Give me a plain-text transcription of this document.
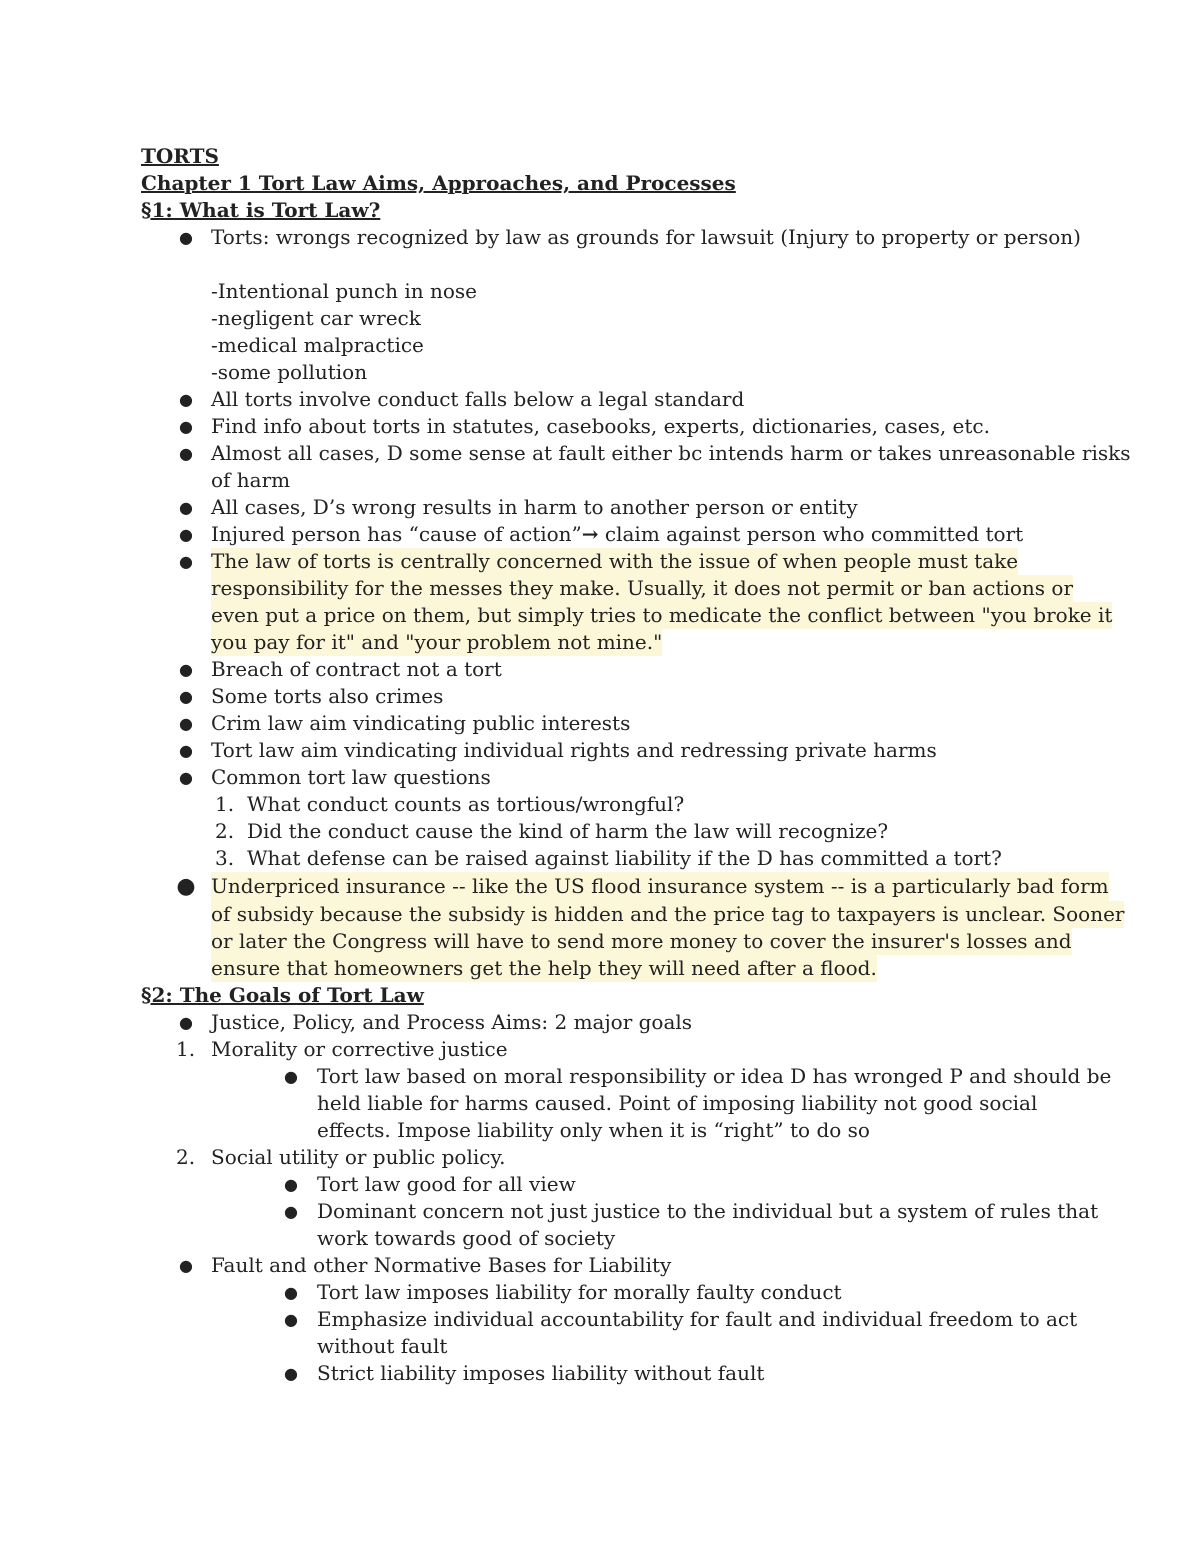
TORTS
Chapter 1 Tort Law Aims, Approaches, and Processes
§1: What is Tort Law?
● Torts: wrongs recognized by law as grounds for lawsuit (Injury to property or person)
-Intentional punch in nose
-negligent car wreck
-medical malpractice
-some pollution
● All torts involve conduct falls below a legal standard
● Find info about torts in statutes, casebooks, experts, dictionaries, cases, etc.
● Almost all cases, D some sense at fault either bc intends harm or takes unreasonable risks
of harm
● All cases, D’s wrong results in harm to another person or entity
● Injured person has “cause of action”→ claim against person who committed tort
● The law of torts is centrally concerned with the issue of when people must take
responsibility for the messes they make. Usually, it does not permit or ban actions or
even put a price on them, but simply tries to medicate the conflict between "you broke it
you pay for it" and "your problem not mine."
● Breach of contract not a tort
● Some torts also crimes
● Crim law aim vindicating public interests
● Tort law aim vindicating individual rights and redressing private harms
● Common tort law questions
1. What conduct counts as tortious/wrongful?
2. Did the conduct cause the kind of harm the law will recognize?
3. What defense can be raised against liability if the D has committed a tort?
● Underpriced insurance -- like the US flood insurance system -- is a particularly bad form
of subsidy because the subsidy is hidden and the price tag to taxpayers is unclear. Sooner
or later the Congress will have to send more money to cover the insurer's losses and
ensure that homeowners get the help they will need after a flood.
§2: The Goals of Tort Law
● Justice, Policy, and Process Aims: 2 major goals
1. Morality or corrective justice
● Tort law based on moral responsibility or idea D has wronged P and should be
held liable for harms caused. Point of imposing liability not good social
effects. Impose liability only when it is “right” to do so
2. Social utility or public policy.
● Tort law good for all view
● Dominant concern not just justice to the individual but a system of rules that
work towards good of society
● Fault and other Normative Bases for Liability
● Tort law imposes liability for morally faulty conduct
● Emphasize individual accountability for fault and individual freedom to act
without fault
● Strict liability imposes liability without fault
